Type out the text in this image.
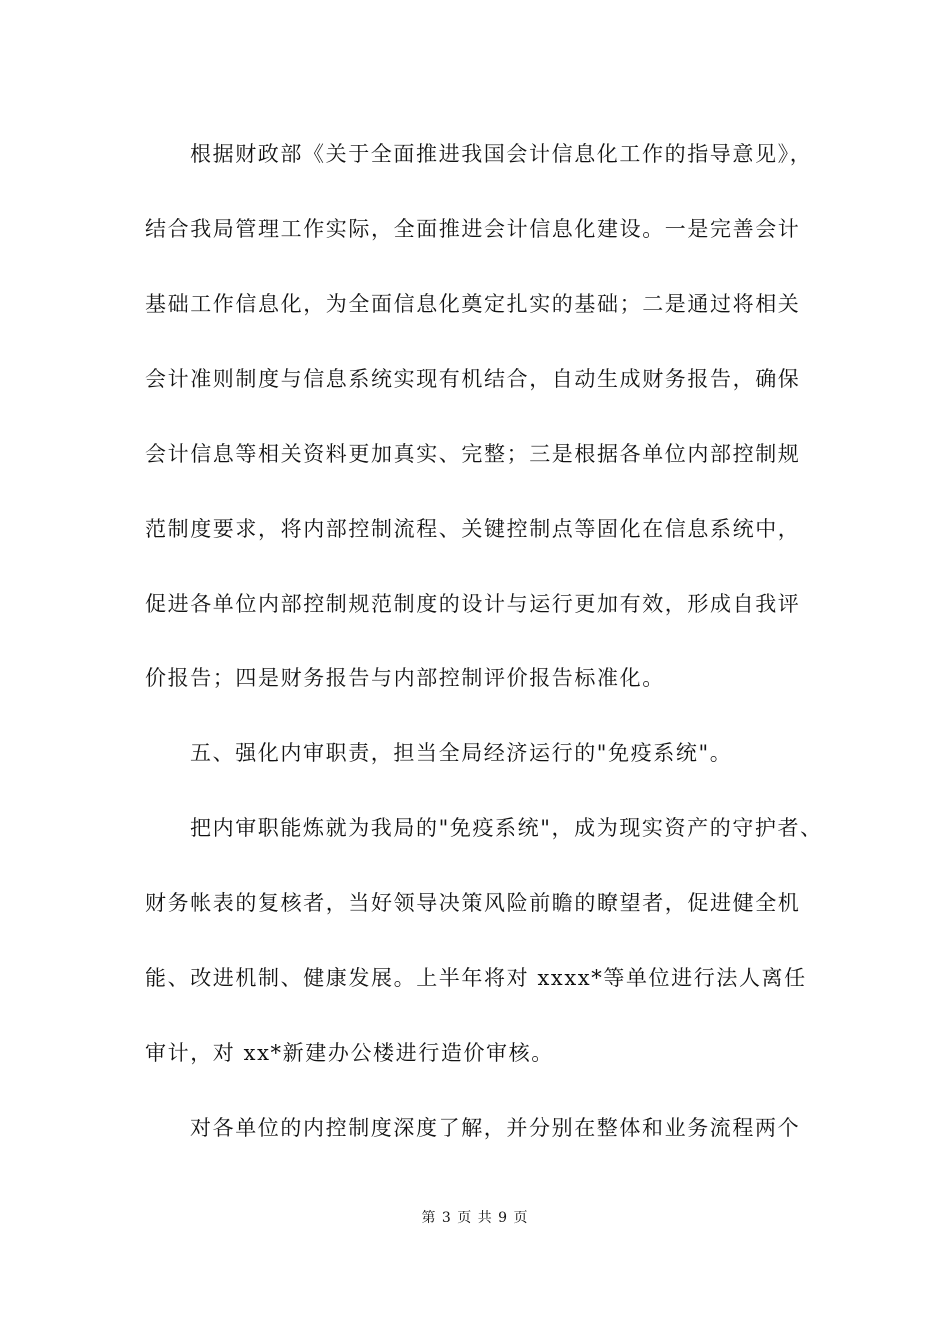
根据财政部《关于全面推进我国会计信息化工作的指导意见》，
结合我局管理工作实际，全面推进会计信息化建设。一是完善会计
基础工作信息化，为全面信息化奠定扎实的基础；二是通过将相关
会计准则制度与信息系统实现有机结合，自动生成财务报告，确保
会计信息等相关资料更加真实、完整；三是根据各单位内部控制规
范制度要求，将内部控制流程、关键控制点等固化在信息系统中，
促进各单位内部控制规范制度的设计与运行更加有效，形成自我评
价报告；四是财务报告与内部控制评价报告标准化。
五、强化内审职责，担当全局经济运行的"免疫系统"。
把内审职能炼就为我局的"免疫系统"，成为现实资产的守护者、
财务帐表的复核者，当好领导决策风险前瞻的瞭望者，促进健全机
能、改进机制、健康发展。上半年将对 xxxx*等单位进行法人离任
审计，对 xx*新建办公楼进行造价审核。
对各单位的内控制度深度了解，并分别在整体和业务流程两个
第 3 页 共 9 页
